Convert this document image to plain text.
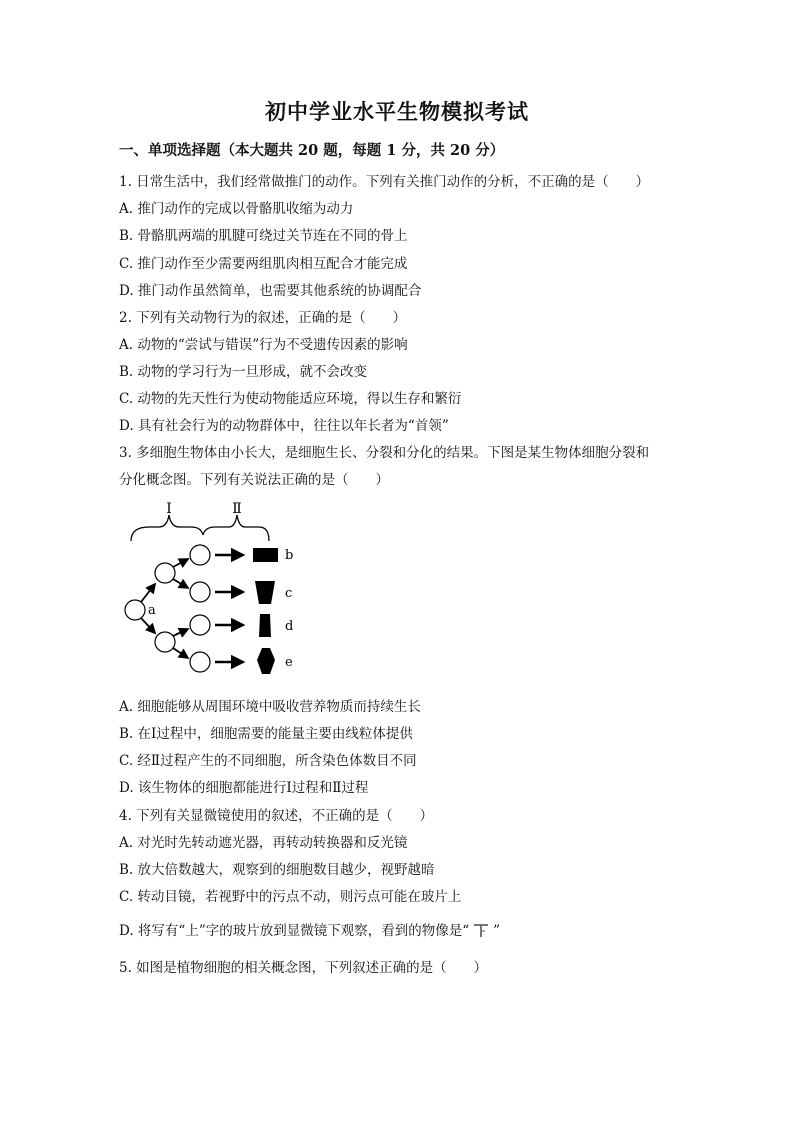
初中学业水平生物模拟考试
一、单项选择题（本大题共 20 题，每题 1 分，共 20 分）
1. 日常生活中，我们经常做推门的动作。下列有关推门动作的分析，不正确的是（　　）
A. 推门动作的完成以骨骼肌收缩为动力
B. 骨骼肌两端的肌腱可绕过关节连在不同的骨上
C. 推门动作至少需要两组肌肉相互配合才能完成
D. 推门动作虽然简单，也需要其他系统的协调配合
2. 下列有关动物行为的叙述，正确的是（　　）
A. 动物的“尝试与错误”行为不受遗传因素的影响
B. 动物的学习行为一旦形成，就不会改变
C. 动物的先天性行为使动物能适应环境，得以生存和繁衍
D. 具有社会行为的动物群体中，往往以年长者为“首领”
3. 多细胞生物体由小长大，是细胞生长、分裂和分化的结果。下图是某生物体细胞分裂和
分化概念图。下列有关说法正确的是（　　）
Ⅰ	Ⅱ
a
b
c
d
e
A. 细胞能够从周围环境中吸收营养物质而持续生长
B. 在Ⅰ过程中，细胞需要的能量主要由线粒体提供
C. 经Ⅱ过程产生的不同细胞，所含染色体数目不同
D. 该生物体的细胞都能进行Ⅰ过程和Ⅱ过程
4. 下列有关显微镜使用的叙述，不正确的是（　　）
A. 对光时先转动遮光器，再转动转换器和反光镜
B. 放大倍数越大，观察到的细胞数目越少，视野越暗
C. 转动目镜，若视野中的污点不动，则污点可能在玻片上
D. 将写有“上”字的玻片放到显微镜下观察，看到的物像是“ ”
5. 如图是植物细胞的相关概念图，下列叙述正确的是（　　）
